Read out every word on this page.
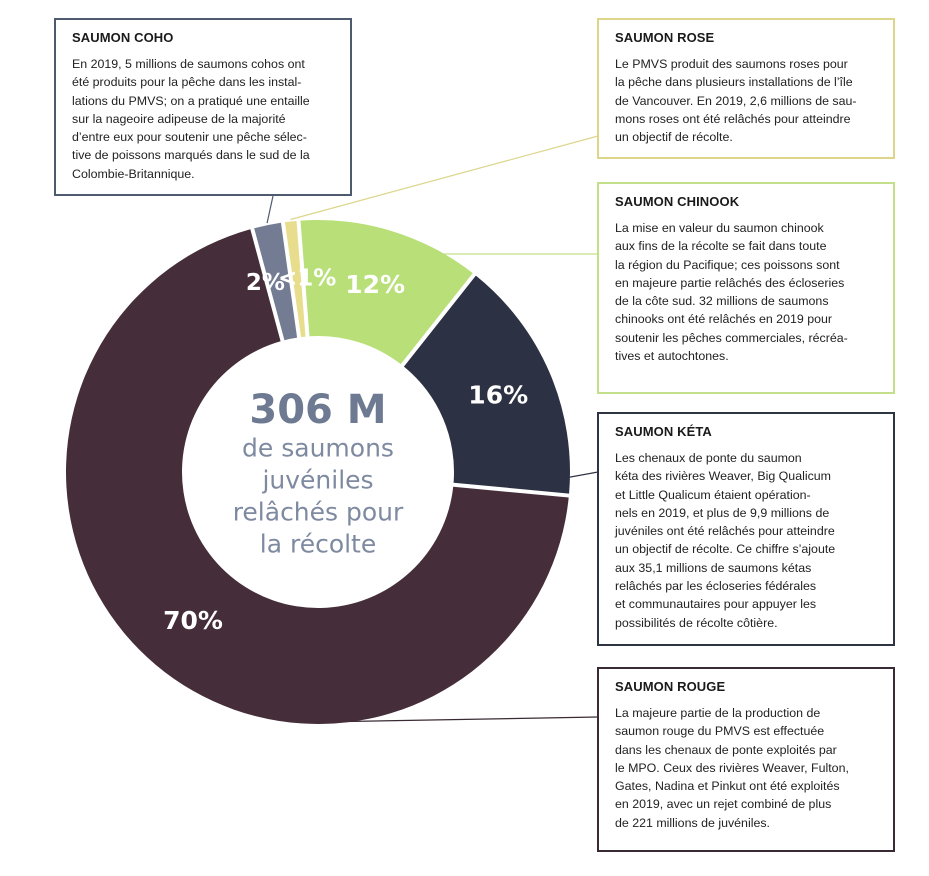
<1% 12%
16%
70%
2%
306 M
de saumons
juvéniles
relâchés pour
la récolte
SAUMON COHO

En 2019, 5 millions de saumons cohos ont
été produits pour la pêche dans les instal-
lations du PMVS; on a pratiqué une entaille
sur la nageoire adipeuse de la majorité
d’entre eux pour soutenir une pêche sélec-
tive de poissons marqués dans le sud de la
Colombie-Britannique.

SAUMON ROSE

Le PMVS produit des saumons roses pour
la pêche dans plusieurs installations de l’île
de Vancouver. En 2019, 2,6 millions de sau-
mons roses ont été relâchés pour atteindre
un objectif de récolte.

SAUMON CHINOOK

La mise en valeur du saumon chinook
aux fins de la récolte se fait dans toute
la région du Pacifique; ces poissons sont
en majeure partie relâchés des écloseries
de la côte sud. 32 millions de saumons
chinooks ont été relâchés en 2019 pour
soutenir les pêches commerciales, récréa-
tives et autochtones.

SAUMON KÉTA

Les chenaux de ponte du saumon
kéta des rivières Weaver, Big Qualicum
et Little Qualicum étaient opération-
nels en 2019, et plus de 9,9 millions de
juvéniles ont été relâchés pour atteindre
un objectif de récolte. Ce chiffre s’ajoute
aux 35,1 millions de saumons kétas
relâchés par les écloseries fédérales
et communautaires pour appuyer les
possibilités de récolte côtière.

SAUMON ROUGE

La majeure partie de la production de
saumon rouge du PMVS est effectuée
dans les chenaux de ponte exploités par
le MPO. Ceux des rivières Weaver, Fulton,
Gates, Nadina et Pinkut ont été exploités
en 2019, avec un rejet combiné de plus
de 221 millions de juvéniles.
